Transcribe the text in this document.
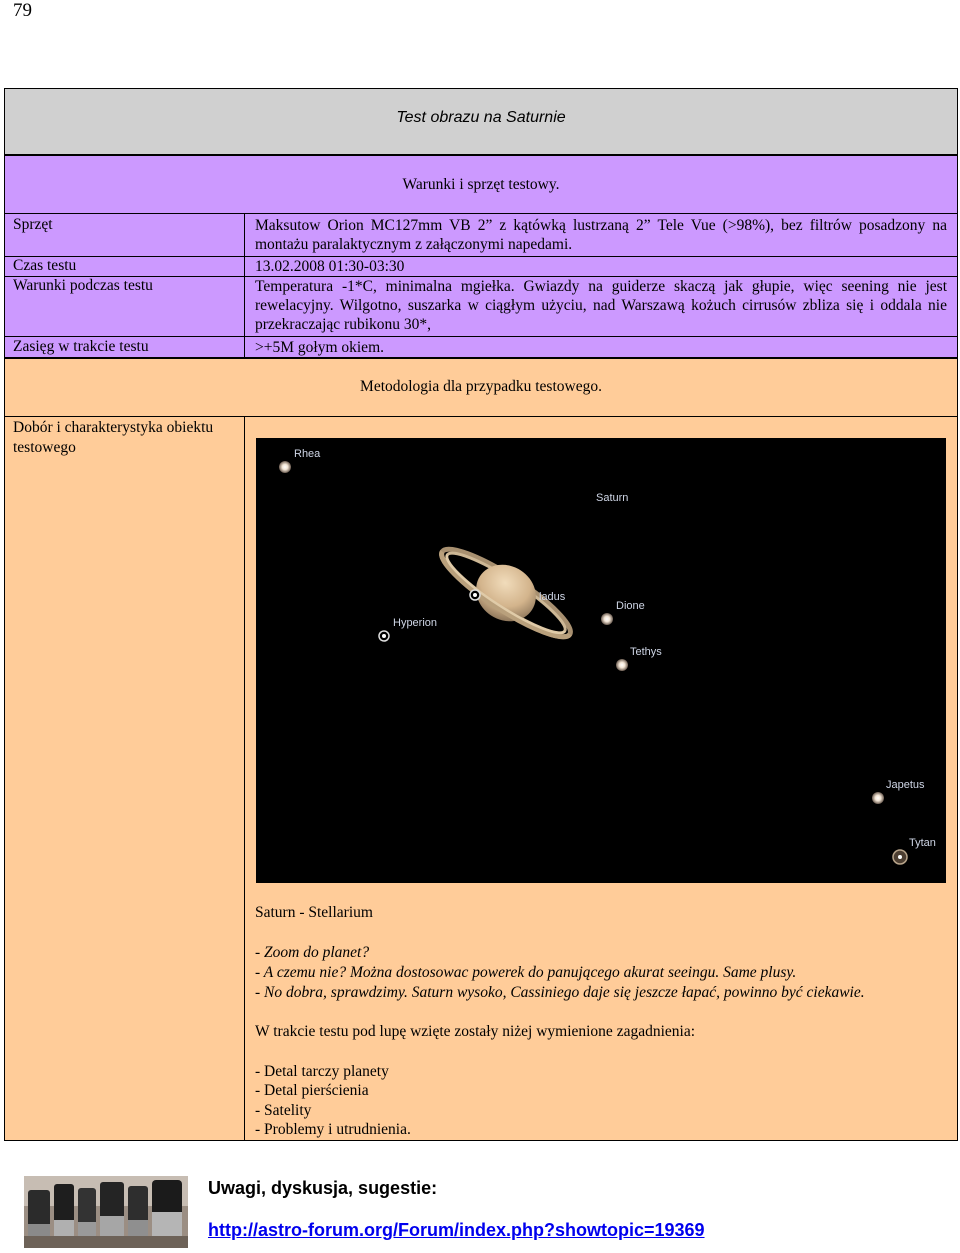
79
Test obrazu na Saturnie
Warunki i sprzęt testowy.
Sprzęt	Maksutow Orion MC127mm VB 2” z kątówką lustrzaną 2” Tele Vue (>98%), bez filtrów posadzony na montażu paralaktycznym z załączonymi napedami.
Czas testu	13.02.2008 01:30-03:30
Warunki podczas testu	Temperatura -1*C, minimalna mgiełka. Gwiazdy na guiderze skaczą jak głupie, więc seening nie jest rewelacyjny. Wilgotno, suszarka w ciągłym użyciu, nad Warszawą kożuch cirrusów zbliza się i oddala nie przekraczając rubikonu 30*,
Zasięg w trakcie testu	>+5M gołym okiem.
Metodologia dla przypadku testowego.
Dobór i charakterystyka obiektu testowego	Rhea
Saturn
ladus
Dione
Hyperion
Tethys
Japetus
Tytan
Saturn - Stellarium
- Zoom do planet?
- A czemu nie? Można dostosowac powerek do panującego akurat seeingu. Same plusy.
- No dobra, sprawdzimy. Saturn wysoko, Cassiniego daje się jeszcze łapać, powinno być ciekawie.
W trakcie testu pod lupę wzięte zostały niżej wymienione zagadnienia:
- Detal tarczy planety
- Detal pierścienia
- Satelity
- Problemy i utrudnienia.
Uwagi, dyskusja, sugestie:
http://astro-forum.org/Forum/index.php?showtopic=19369
